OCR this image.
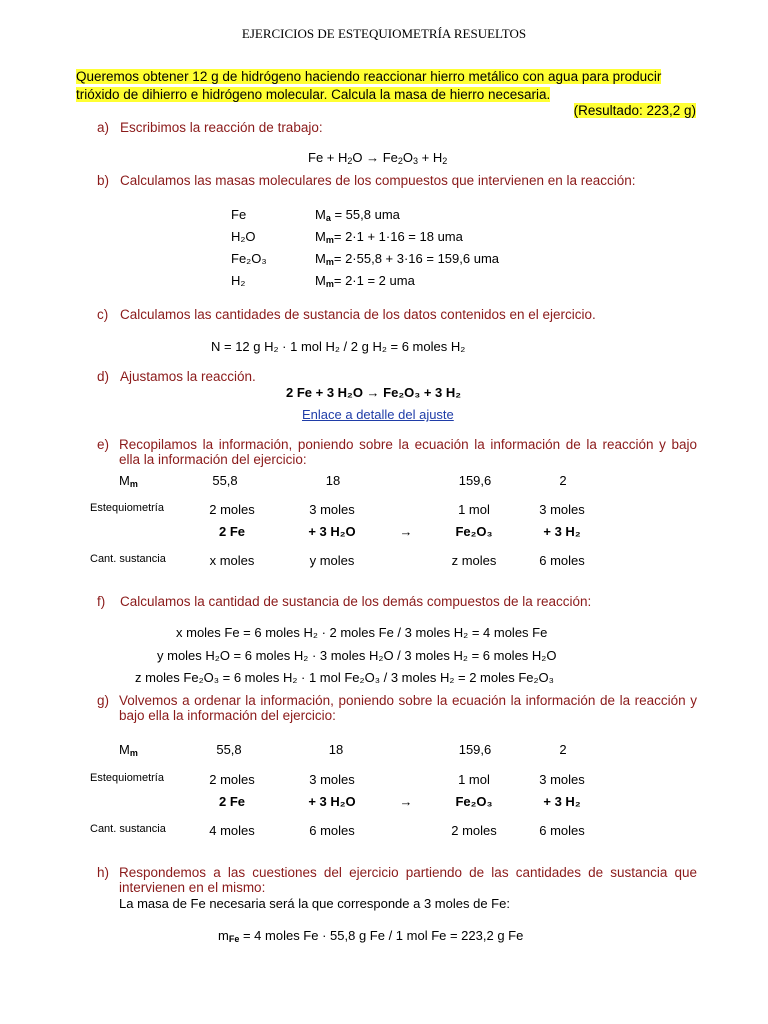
EJERCICIOS DE ESTEQUIOMETRÍA RESUELTOS
Queremos obtener 12 g de hidrógeno haciendo reaccionar hierro metálico con agua para producir
trióxido de dihierro e hidrógeno molecular. Calcula la masa de hierro necesaria.
(Resultado: 223,2 g)
a) Escribimos la reacción de trabajo:
$Fe + H_2O \to Fe_2O_3 + H_2$
b) Calculamos las masas moleculares de los compuestos que intervienen en la reacción:
Fe	$M_a = 55,8$ uma
H₂O	$M_m= 2\cdot 1 + 1\cdot 16 = 18$ uma
Fe₂O₃	$M_m= 2\cdot 55,8 + 3\cdot 16 = 159,6$ uma
H₂	$M_m= 2\cdot 1 = 2$ uma
c) Calculamos las cantidades de sustancia de los datos contenidos en el ejercicio.
N = 12 g H₂ · 1 mol H₂ / 2 g H₂ = 6 moles H₂
d) Ajustamos la reacción.
2 Fe + 3 H₂O → Fe₂O₃ + 3 H₂
Enlace a detalle del ajuste
e) Recopilamos la información, poniendo sobre la ecuación la información de la reacción y bajo ella la información del ejercicio:
$M_m$	55,8	18	159,6	2
Estequiometría	2 moles	3 moles	1 mol	3 moles
2 Fe	+ 3 H₂O	→	Fe₂O₃	+ 3 H₂
Cant. sustancia	x moles	y moles	z moles	6 moles
f) Calculamos la cantidad de sustancia de los demás compuestos de la reacción:
x moles Fe = 6 moles H₂ · 2 moles Fe / 3 moles H₂ = 4 moles Fe
y moles H₂O = 6 moles H₂ · 3 moles H₂O / 3 moles H₂ = 6 moles H₂O
z moles Fe₂O₃ = 6 moles H₂ · 1 mol Fe₂O₃ / 3 moles H₂ = 2 moles Fe₂O₃
g) Volvemos a ordenar la información, poniendo sobre la ecuación la información de la reacción y bajo ella la información del ejercicio:
$M_m$	55,8	18	159,6	2
Estequiometría	2 moles	3 moles	1 mol	3 moles
2 Fe	+ 3 H₂O	→	Fe₂O₃	+ 3 H₂
Cant. sustancia	4 moles	6 moles	2 moles	6 moles
h) Respondemos a las cuestiones del ejercicio partiendo de las cantidades de sustancia que intervienen en el mismo:
La masa de Fe necesaria será la que corresponde a 3 moles de Fe:
$m_{Fe} = 4$ moles Fe · 55,8 g Fe / 1 mol Fe = 223,2 g Fe
